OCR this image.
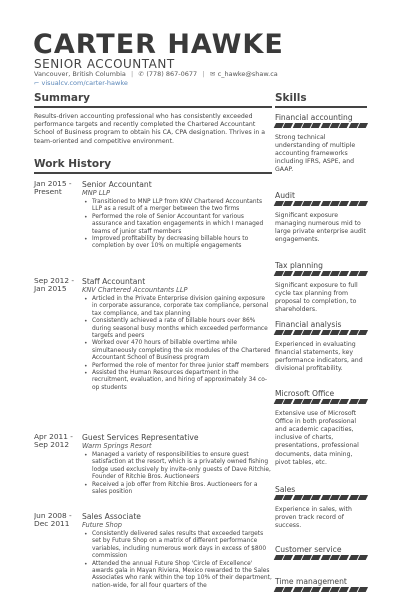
CARTER HAWKE
SENIOR ACCOUNTANT
Vancouver, British Columbia | ✆ (778) 867-0677 | ✉ c_hawke@shaw.ca
⌐ visualcv.com/carter-hawke
Summary
Results-driven accounting professional who has consistently exceeded performance targets and recently completed the Chartered Accountant School of Business program to obtain his CA, CPA designation. Thrives in a team-oriented and competitive environment.
Work History
Jan 2015 - Present
Senior Accountant
MNP LLP
• Transitioned to MNP LLP from KNV Chartered Accountants LLP as a result of a merger between the two firms
• Performed the role of Senior Accountant for various assurance and taxation engagements in which I managed teams of junior staff members
• Improved profitability by decreasing billable hours to completion by over 10% on multiple engagements
Sep 2012 - Jan 2015
Staff Accountant
KNV Chartered Accountants LLP
• Articled in the Private Enterprise division gaining exposure in corporate assurance, corporate tax compliance, personal tax compliance, and tax planning
• Consistently achieved a rate of billable hours over 86% during seasonal busy months which exceeded performance targets and peers
• Worked over 470 hours of billable overtime while simultaneously completing the six modules of the Chartered Accountant School of Business program
• Performed the role of mentor for three junior staff members
• Assisted the Human Resources department in the recruitment, evaluation, and hiring of approximately 34 co-op students
Apr 2011 - Sep 2012
Guest Services Representative
Warm Springs Resort
• Managed a variety of responsibilities to ensure guest satisfaction at the resort, which is a privately owned fishing lodge used exclusively by invite-only guests of Dave Ritchie, Founder of Ritchie Bros. Auctioneers
• Received a job offer from Ritchie Bros. Auctioneers for a sales position
Jun 2008 - Dec 2011
Sales Associate
Future Shop
• Consistently delivered sales results that exceeded targets set by Future Shop on a matrix of different performance variables, including numerous work days in excess of $800 commission
• Attended the annual Future Shop 'Circle of Excellence' awards gala in Mayan Riviera, Mexico rewarded to the Sales Associates who rank within the top 10% of their department, nation-wide, for all four quarters of the
Skills
Financial accounting
Strong technical understanding of multiple accounting frameworks including IFRS, ASPE, and GAAP.
Audit
Significant exposure managing numerous mid to large private enterprise audit engagements.
Tax planning
Significant exposure to full cycle tax planning from proposal to completion, to shareholders.
Financial analysis
Experienced in evaluating financial statements, key performance indicators, and divisional profitability.
Microsoft Office
Extensive use of Microsoft Office in both professional and academic capacities, inclusive of charts, presentations, professional documents, data mining, pivot tables, etc.
Sales
Experience in sales, with proven track record of success.
Customer service
Time management
